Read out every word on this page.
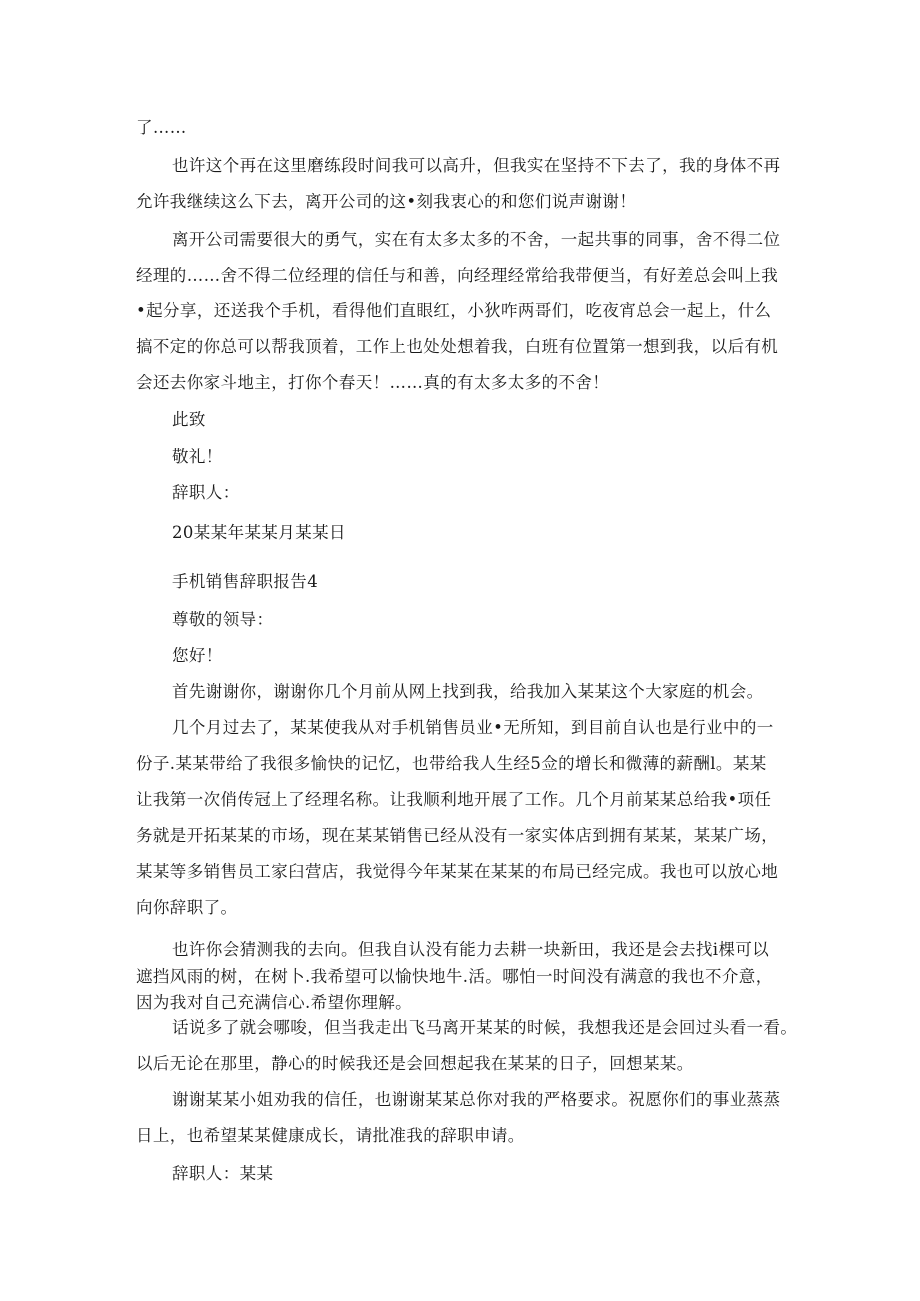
了……
也许这个再在这里磨练段时间我可以高升，但我实在坚持不下去了，我的身体不再
允许我继续这么下去，离开公司的这•刻我衷心的和您们说声谢谢！
离开公司需要很大的勇气，实在有太多太多的不舍，一起共事的同事，舍不得二位
经理的……舍不得二位经理的信任与和善，向经理经常给我带便当，有好差总会叫上我
•起分享，还送我个手机，看得他们直眼红，小狄咋两哥们，吃夜宵总会一起上，什么
搞不定的你总可以帮我顶着，工作上也处处想着我，白班有位置第一想到我，以后有机
会还去你家斗地主，打你个春天！……真的有太多太多的不舍！
此致
敬礼！
辞职人：
20某某年某某月某某日
手机销售辞职报告4
尊敬的领导：
您好！
首先谢谢你，谢谢你几个月前从网上找到我，给我加入某某这个大家庭的机会。
几个月过去了，某某使我从对手机销售员业•无所知，到目前自认也是行业中的一
份子.某某带给了我很多愉快的记忆，也带给我人生经5佥的增长和微薄的薪酬l。某某
让我第一次俏传冠上了经理名称。让我顺利地开展了工作。几个月前某某总给我•项任
务就是开拓某某的市场，现在某某销售已经从没有一家实体店到拥有某某，某某广场，
某某等多销售员工家臼营店，我觉得今年某某在某某的布局已经完成。我也可以放心地
向你辞职了。
也许你会猜测我的去向。但我自认没有能力去耕一块新田，我还是会去找i棵可以
遮挡风雨的树，在树卜.我希望可以愉快地牛.活。哪怕一时间没有满意的我也不介意，
因为我对自己充满信心.希望你理解。
话说多了就会哪唆，但当我走出飞马离开某某的时候，我想我还是会回过头看一看。
以后无论在那里，静心的时候我还是会回想起我在某某的日子，回想某某。
谢谢某某小姐劝我的信任，也谢谢某某总你对我的严格要求。祝愿你们的事业蒸蒸
日上，也希望某某健康成长，请批准我的辞职申请。
辞职人：某某
